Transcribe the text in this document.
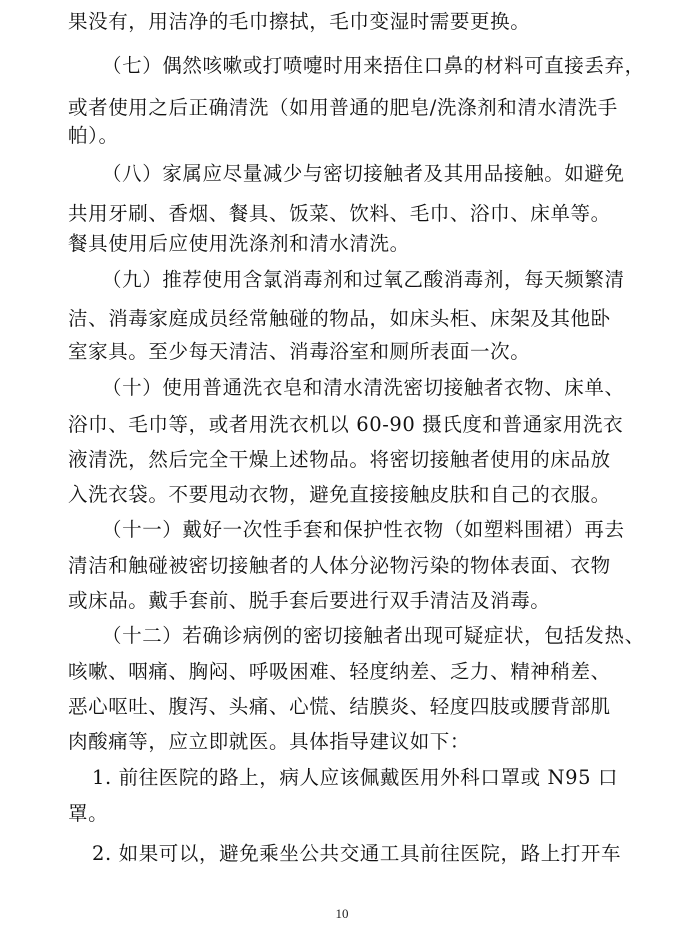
果没有，用洁净的毛巾擦拭，毛巾变湿时需要更换。
（七）偶然咳嗽或打喷嚏时用来捂住口鼻的材料可直接丢弃，
或者使用之后正确清洗（如用普通的肥皂/洗涤剂和清水清洗手
帕）。
（八）家属应尽量减少与密切接触者及其用品接触。如避免
共用牙刷、香烟、餐具、饭菜、饮料、毛巾、浴巾、床单等。
餐具使用后应使用洗涤剂和清水清洗。
（九）推荐使用含氯消毒剂和过氧乙酸消毒剂，每天频繁清
洁、消毒家庭成员经常触碰的物品，如床头柜、床架及其他卧
室家具。至少每天清洁、消毒浴室和厕所表面一次。
（十）使用普通洗衣皂和清水清洗密切接触者衣物、床单、
浴巾、毛巾等，或者用洗衣机以 60-90 摄氏度和普通家用洗衣
液清洗，然后完全干燥上述物品。将密切接触者使用的床品放
入洗衣袋。不要甩动衣物，避免直接接触皮肤和自己的衣服。
（十一）戴好一次性手套和保护性衣物（如塑料围裙）再去
清洁和触碰被密切接触者的人体分泌物污染的物体表面、衣物
或床品。戴手套前、脱手套后要进行双手清洁及消毒。
（十二）若确诊病例的密切接触者出现可疑症状，包括发热、
咳嗽、咽痛、胸闷、呼吸困难、轻度纳差、乏力、精神稍差、
恶心呕吐、腹泻、头痛、心慌、结膜炎、轻度四肢或腰背部肌
肉酸痛等，应立即就医。具体指导建议如下：
1. 前往医院的路上，病人应该佩戴医用外科口罩或 N95 口
罩。
2. 如果可以，避免乘坐公共交通工具前往医院，路上打开车
10
